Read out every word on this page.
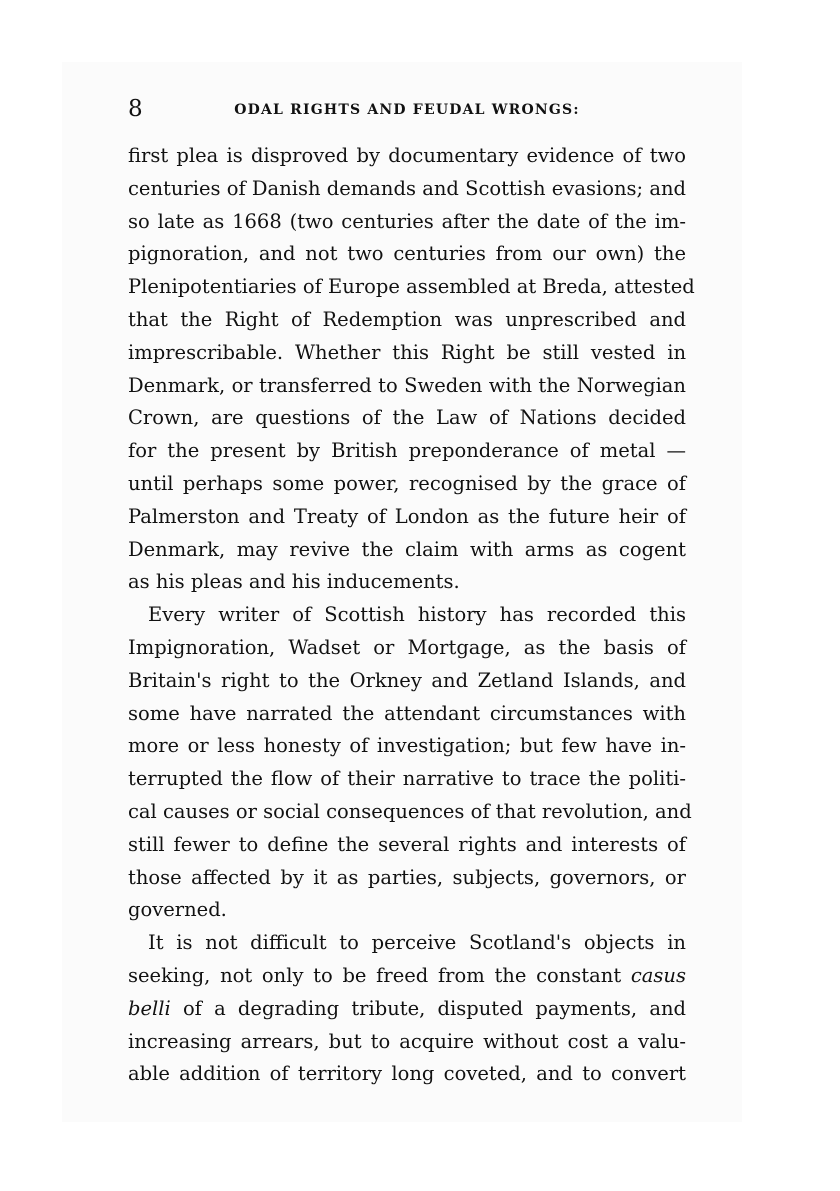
8	ODAL RIGHTS AND FEUDAL WRONGS:
first plea is disproved by documentary evidence of two
centuries of Danish demands and Scottish evasions; and
so late as 1668 (two centuries after the date of the im-
pignoration, and not two centuries from our own) the
Plenipotentiaries of Europe assembled at Breda, attested
that the Right of Redemption was unprescribed and
imprescribable. Whether this Right be still vested in
Denmark, or transferred to Sweden with the Norwegian
Crown, are questions of the Law of Nations decided
for the present by British preponderance of metal —
until perhaps some power, recognised by the grace of
Palmerston and Treaty of London as the future heir of
Denmark, may revive the claim with arms as cogent
as his pleas and his inducements.
Every writer of Scottish history has recorded this
Impignoration, Wadset or Mortgage, as the basis of
Britain's right to the Orkney and Zetland Islands, and
some have narrated the attendant circumstances with
more or less honesty of investigation; but few have in-
terrupted the flow of their narrative to trace the politi-
cal causes or social consequences of that revolution, and
still fewer to define the several rights and interests of
those affected by it as parties, subjects, governors, or
governed.
It is not difficult to perceive Scotland's objects in
seeking, not only to be freed from the constant casus
belli of a degrading tribute, disputed payments, and
increasing arrears, but to acquire without cost a valu-
able addition of territory long coveted, and to convert
